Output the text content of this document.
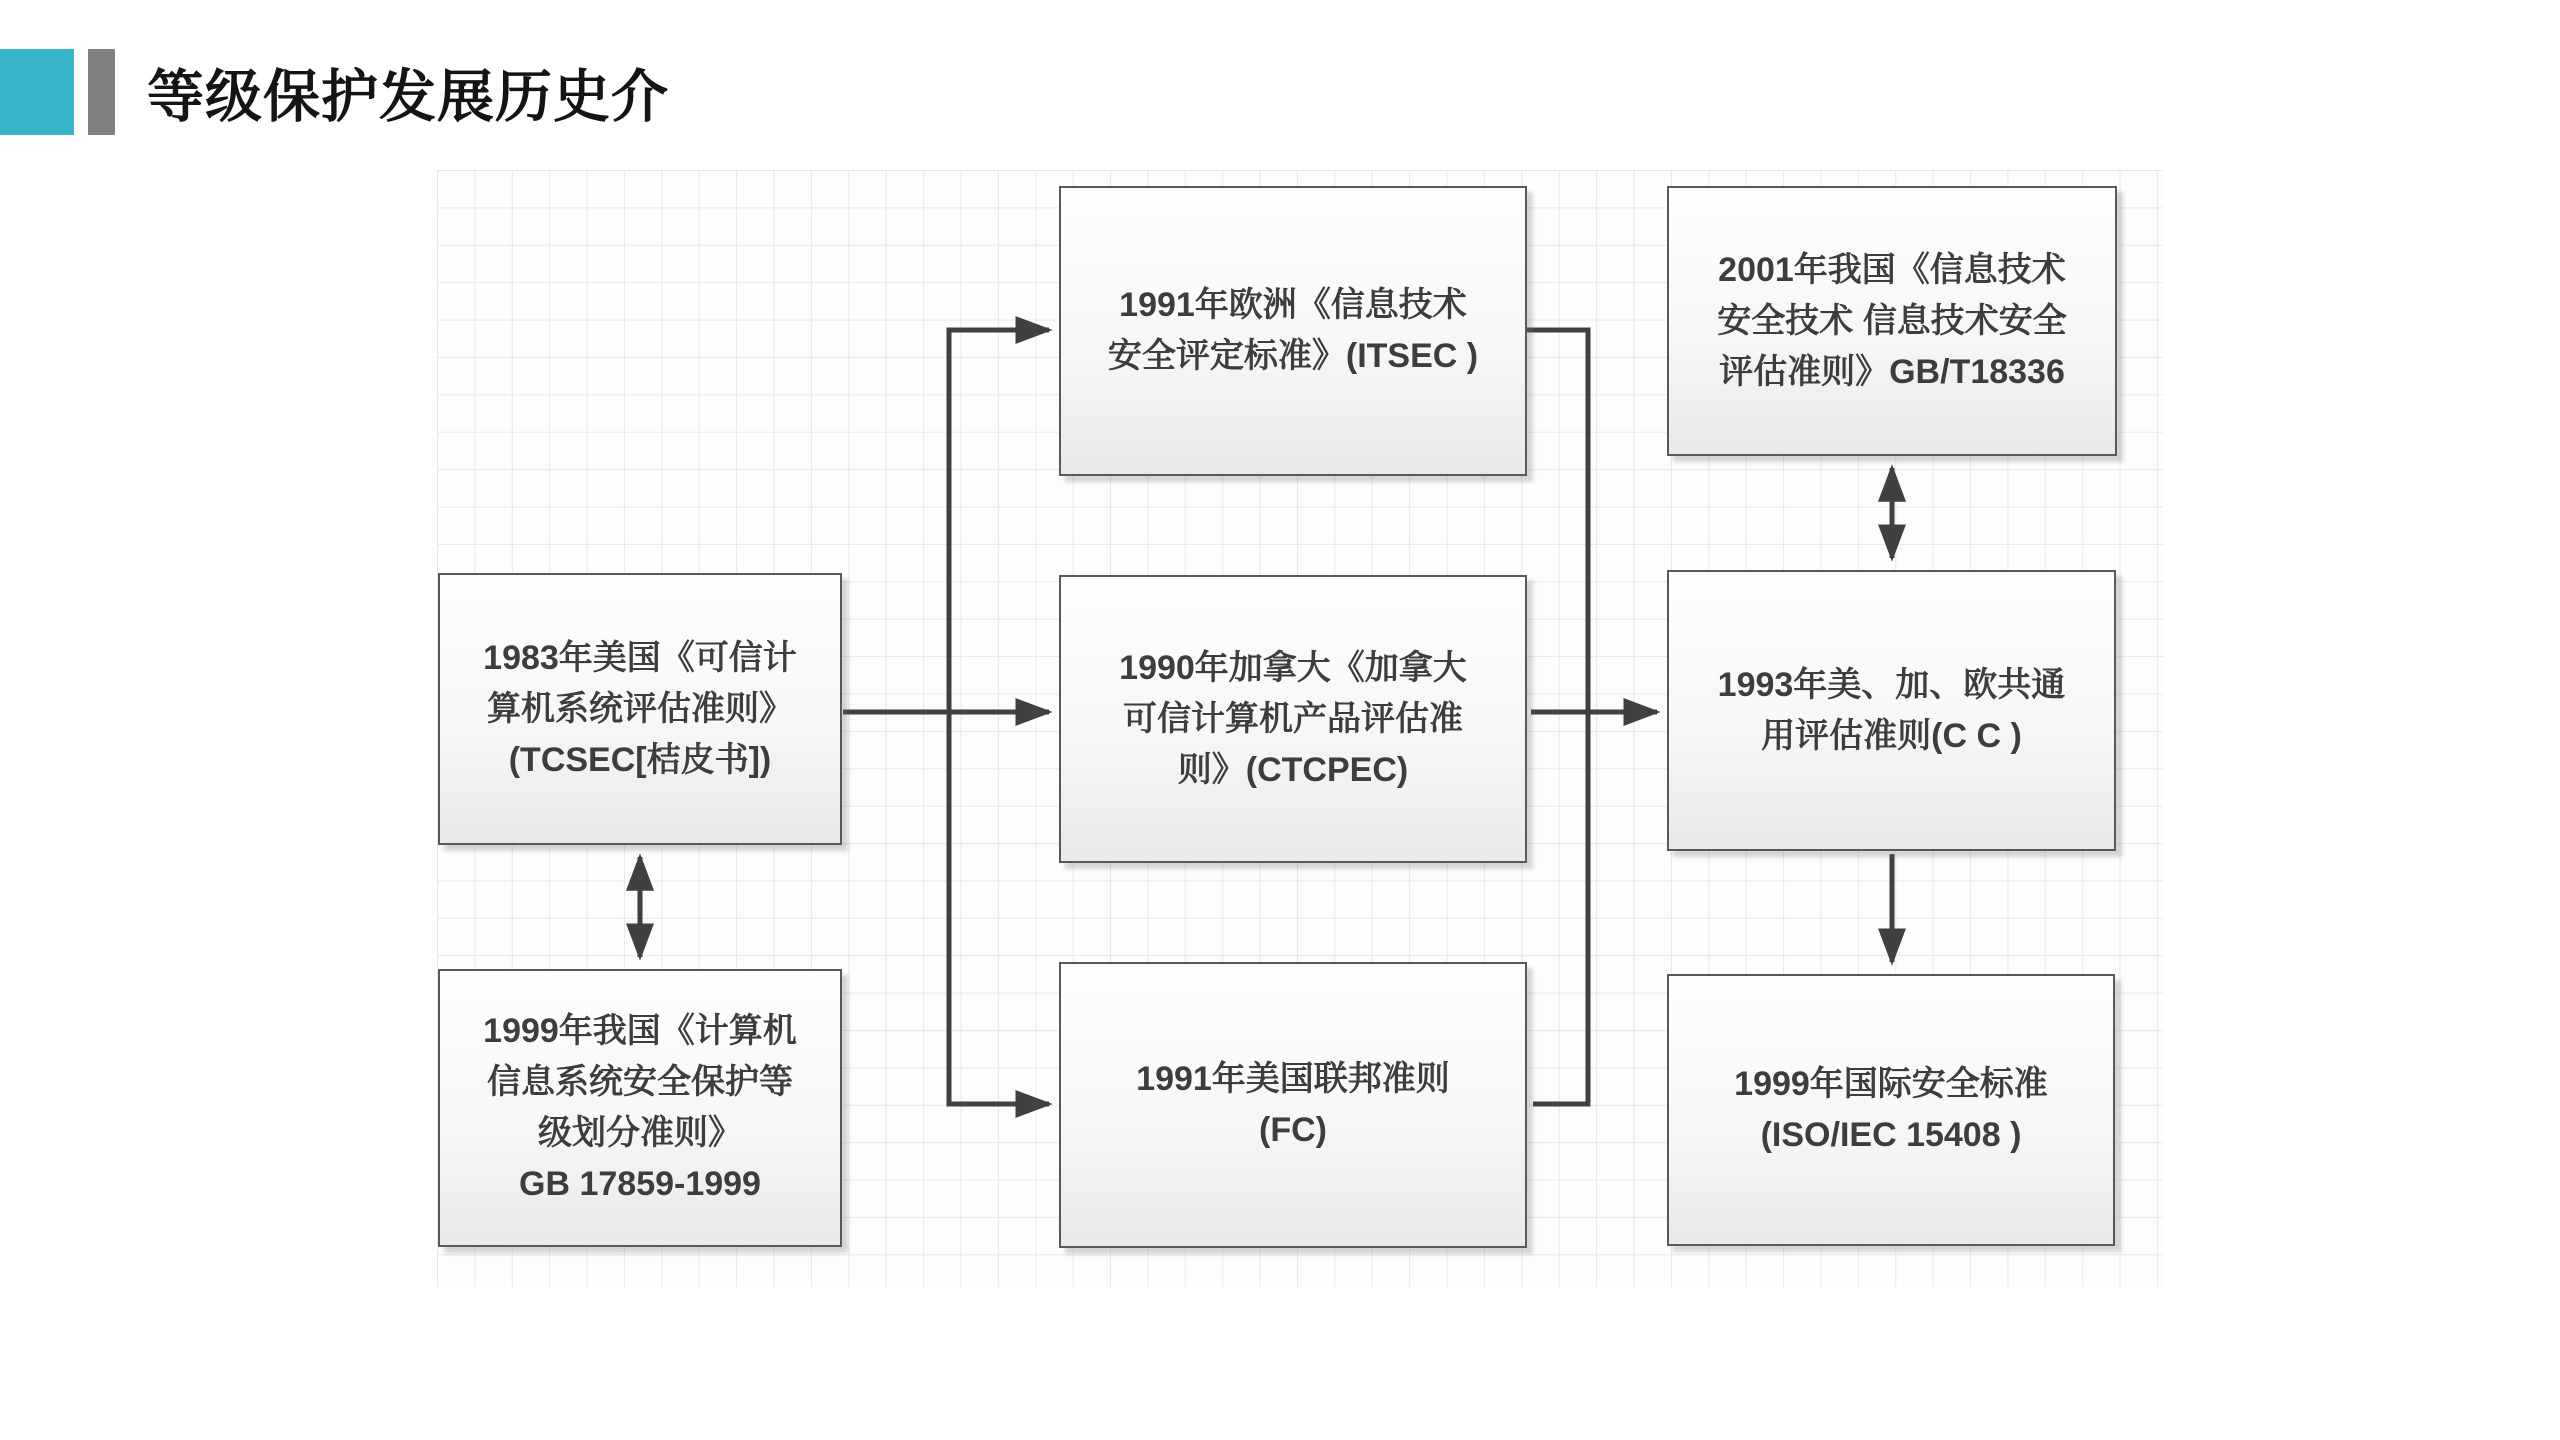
等级保护发展历史介
1983年美国《可信计
算机系统评估准则》
(TCSEC[桔皮书])
1999年我国《计算机
信息系统安全保护等
级划分准则》
GB 17859-1999
1991年欧洲《信息技术
安全评定标准》(ITSEC )
1990年加拿大《加拿大
可信计算机产品评估准
则》(CTCPEC)
1991年美国联邦准则
(FC)
2001年我国《信息技术
安全技术 信息技术安全
评估准则》GB/T18336
1993年美、加、欧共通
用评估准则(C C )
1999年国际安全标准
(ISO/IEC 15408 )
